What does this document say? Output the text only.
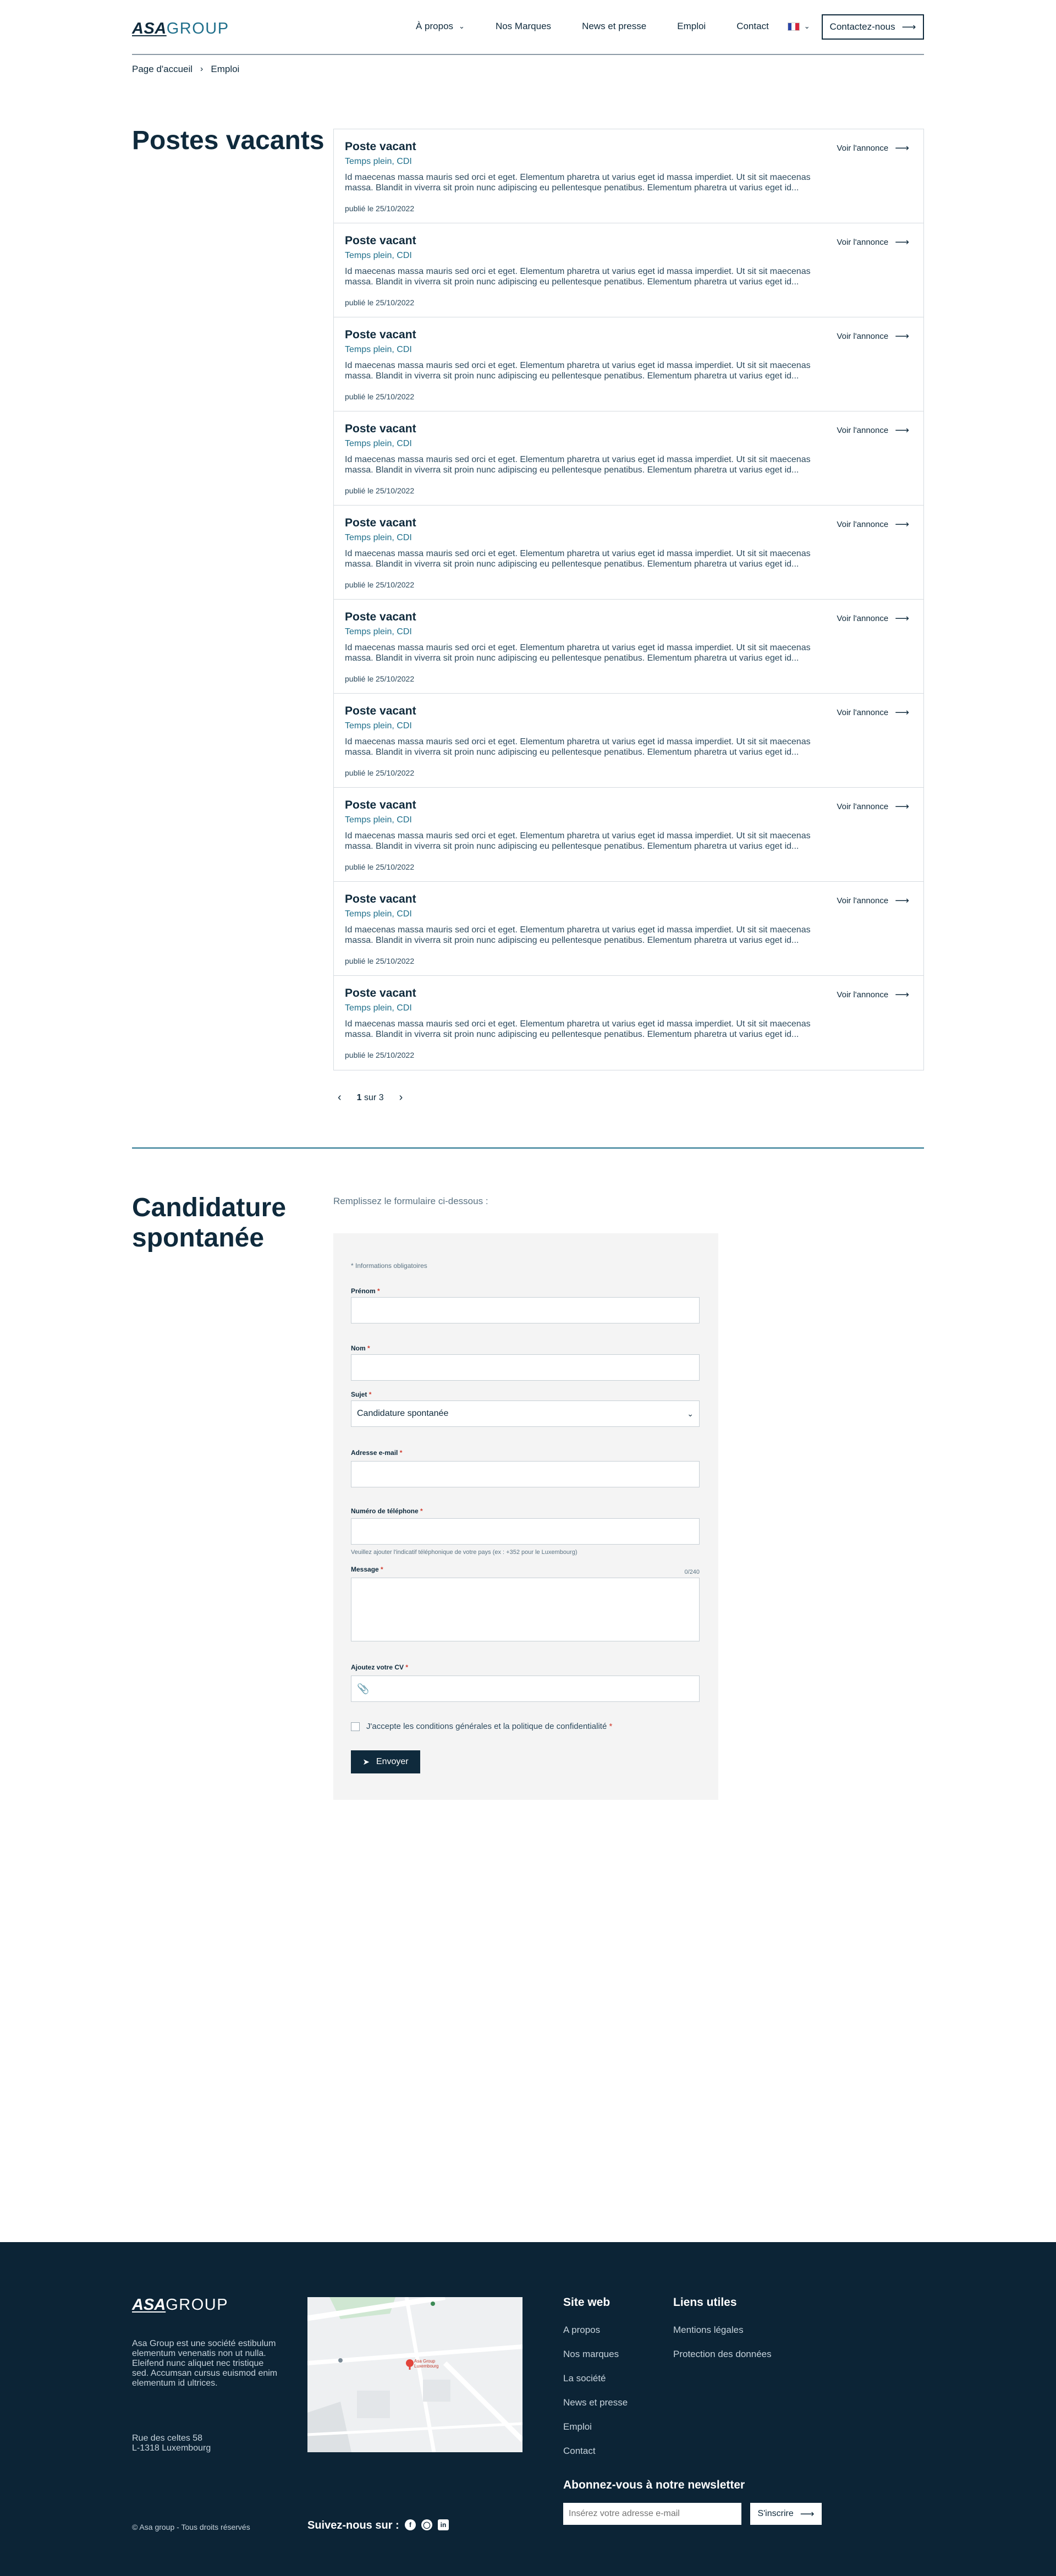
ASAGROUP	À propos ⌄	Nos Marques	News et presse	Emploi	Contact	⌄ Contactez-nous ⟶
Page d'accueil › Emploi
Postes vacants Poste vacant
Temps plein, CDI
Id maecenas massa mauris sed orci et eget. Elementum pharetra ut varius eget id massa imperdiet. Ut sit sit maecenas massa. Blandit in viverra sit proin nunc adipiscing eu pellentesque penatibus. Elementum pharetra ut varius eget id...
publié le 25/10/2022
Voir l'annonce ⟶
Poste vacant
Temps plein, CDI
Id maecenas massa mauris sed orci et eget. Elementum pharetra ut varius eget id massa imperdiet. Ut sit sit maecenas massa. Blandit in viverra sit proin nunc adipiscing eu pellentesque penatibus. Elementum pharetra ut varius eget id...
publié le 25/10/2022
Voir l'annonce ⟶
Poste vacant
Temps plein, CDI
Id maecenas massa mauris sed orci et eget. Elementum pharetra ut varius eget id massa imperdiet. Ut sit sit maecenas massa. Blandit in viverra sit proin nunc adipiscing eu pellentesque penatibus. Elementum pharetra ut varius eget id...
publié le 25/10/2022
Voir l'annonce ⟶
Poste vacant
Temps plein, CDI
Id maecenas massa mauris sed orci et eget. Elementum pharetra ut varius eget id massa imperdiet. Ut sit sit maecenas massa. Blandit in viverra sit proin nunc adipiscing eu pellentesque penatibus. Elementum pharetra ut varius eget id...
publié le 25/10/2022
Voir l'annonce ⟶
Poste vacant
Temps plein, CDI
Id maecenas massa mauris sed orci et eget. Elementum pharetra ut varius eget id massa imperdiet. Ut sit sit maecenas massa. Blandit in viverra sit proin nunc adipiscing eu pellentesque penatibus. Elementum pharetra ut varius eget id...
publié le 25/10/2022
Voir l'annonce ⟶
Poste vacant
Temps plein, CDI
Id maecenas massa mauris sed orci et eget. Elementum pharetra ut varius eget id massa imperdiet. Ut sit sit maecenas massa. Blandit in viverra sit proin nunc adipiscing eu pellentesque penatibus. Elementum pharetra ut varius eget id...
publié le 25/10/2022
Voir l'annonce ⟶
Poste vacant
Temps plein, CDI
Id maecenas massa mauris sed orci et eget. Elementum pharetra ut varius eget id massa imperdiet. Ut sit sit maecenas massa. Blandit in viverra sit proin nunc adipiscing eu pellentesque penatibus. Elementum pharetra ut varius eget id...
publié le 25/10/2022
Voir l'annonce ⟶
Poste vacant
Temps plein, CDI
Id maecenas massa mauris sed orci et eget. Elementum pharetra ut varius eget id massa imperdiet. Ut sit sit maecenas massa. Blandit in viverra sit proin nunc adipiscing eu pellentesque penatibus. Elementum pharetra ut varius eget id...
publié le 25/10/2022
Voir l'annonce ⟶
Poste vacant
Temps plein, CDI
Id maecenas massa mauris sed orci et eget. Elementum pharetra ut varius eget id massa imperdiet. Ut sit sit maecenas massa. Blandit in viverra sit proin nunc adipiscing eu pellentesque penatibus. Elementum pharetra ut varius eget id...
publié le 25/10/2022
Voir l'annonce ⟶
Poste vacant
Temps plein, CDI
Id maecenas massa mauris sed orci et eget. Elementum pharetra ut varius eget id massa imperdiet. Ut sit sit maecenas massa. Blandit in viverra sit proin nunc adipiscing eu pellentesque penatibus. Elementum pharetra ut varius eget id...
publié le 25/10/2022
Voir l'annonce ⟶
‹ 1 sur 3 ›
Candidature
spontanée
Remplissez le formulaire ci-dessous :
* Informations obligatoires
Prénom *
Nom *
Sujet *
Candidature spontanée	⌄
Adresse e-mail *
Numéro de téléphone *
Veuillez ajouter l'indicatif téléphonique de votre pays (ex : +352 pour le Luxembourg)
Message *	0/240
Ajoutez votre CV *
📎
J'accepte les conditions générales et la politique de confidentialité
*
➤ Envoyer
ASAGROUP
Asa Group est une société estibulum elementum venenatis non ut nulla. Eleifend nunc aliquet nec tristique sed. Accumsan cursus euismod enim elementum id ultrices.
Rue des celtes 58
L-1318 Luxembourg
© Asa group - Tous droits réservés
Asa Group Luxembourg
Suivez-nous sur :	f	◯	in
Site web
A propos
Nos marques
La société
News et presse
Emploi
Contact
Liens utiles
Mentions légales
Protection des données
Abonnez-vous à notre newsletter
Insérez votre adresse e-mail
S'inscrire ⟶
